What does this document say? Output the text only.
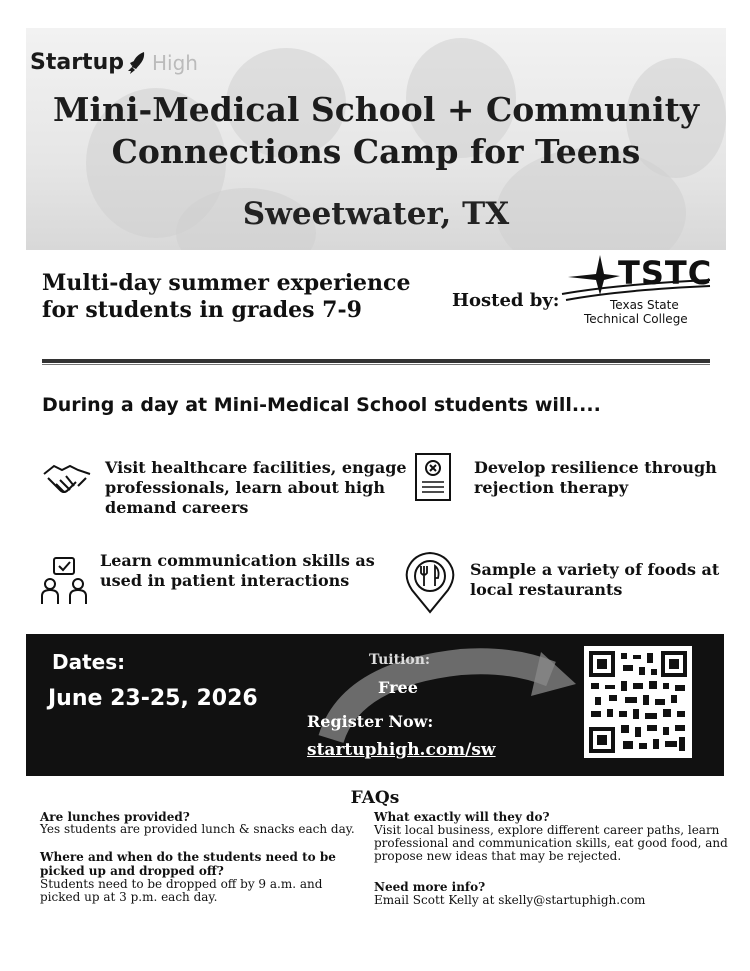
Startup High
Mini-Medical School + Community
Connections Camp for Teens
Sweetwater, TX
Multi-day summer experience
for students in grades 7-9	Hosted by:
TSTC
Texas State
Technical College
During a day at Mini-Medical School students will....
Visit healthcare facilities, engage
professionals, learn about high
demand careers
Develop resilience through
rejection therapy
Learn communication skills as
used in patient interactions
Sample a variety of foods at
local restaurants
Dates:
June 23-25, 2026
Tuition:
Free
Register Now:
startuphigh.com/sw
FAQs
Are lunches provided?
Yes students are provided lunch & snacks each day.
Where and when do the students need to be picked up and dropped off?
Students need to be dropped off by 9 a.m. and picked up at 3 p.m. each day.
What exactly will they do?
Visit local business, explore different career paths, learn professional and communication skills, eat good food, and propose new ideas that may be rejected.
Need more info?
Email Scott Kelly at skelly@startuphigh.com
